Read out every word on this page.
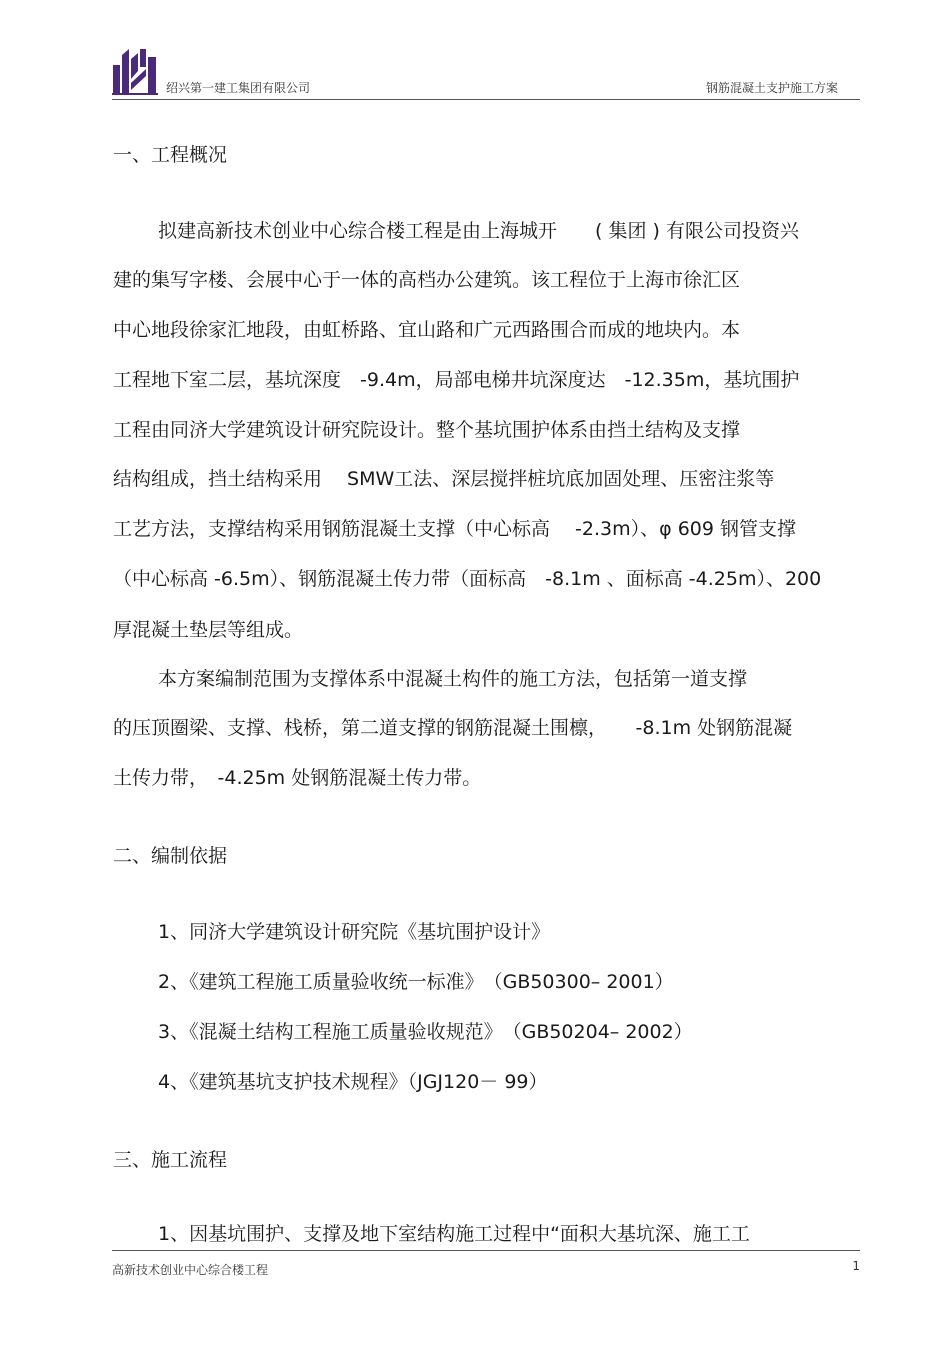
绍兴第一建工集团有限公司	钢筋混凝土支护施工方案
一、工程概况
拟建高新技术创业中心综合楼工程是由上海城开　　( 集团 ) 有限公司投资兴
建的集写字楼、会展中心于一体的高档办公建筑。该工程位于上海市徐汇区
中心地段徐家汇地段，由虹桥路、宜山路和广元西路围合而成的地块内。本
工程地下室二层，基坑深度　-9.4m，局部电梯井坑深度达　-12.35m，基坑围护
工程由同济大学建筑设计研究院设计。整个基坑围护体系由挡土结构及支撑
结构组成，挡土结构采用　 SMW工法、深层搅拌桩坑底加固处理、压密注浆等
工艺方法，支撑结构采用钢筋混凝土支撑（中心标高　 -2.3m）、φ 609 钢管支撑
（中心标高 -6.5m）、钢筋混凝土传力带（面标高　-8.1m 、面标高 -4.25m）、200
厚混凝土垫层等组成。
本方案编制范围为支撑体系中混凝土构件的施工方法，包括第一道支撑
的压顶圈梁、支撑、栈桥，第二道支撑的钢筋混凝土围檩，　　-8.1m 处钢筋混凝
土传力带，　-4.25m 处钢筋混凝土传力带。
二、编制依据
1、同济大学建筑设计研究院《基坑围护设计》
2、《建筑工程施工质量验收统一标准》　（GB50300– 2001）
3、《混凝土结构工程施工质量验收规范》　（GB50204– 2002）
4、《建筑基坑支护技术规程》（JGJ120－ 99）
三、施工流程
1、因基坑围护、支撑及地下室结构施工过程中“面积大基坑深、施工工
高新技术创业中心综合楼工程	1
